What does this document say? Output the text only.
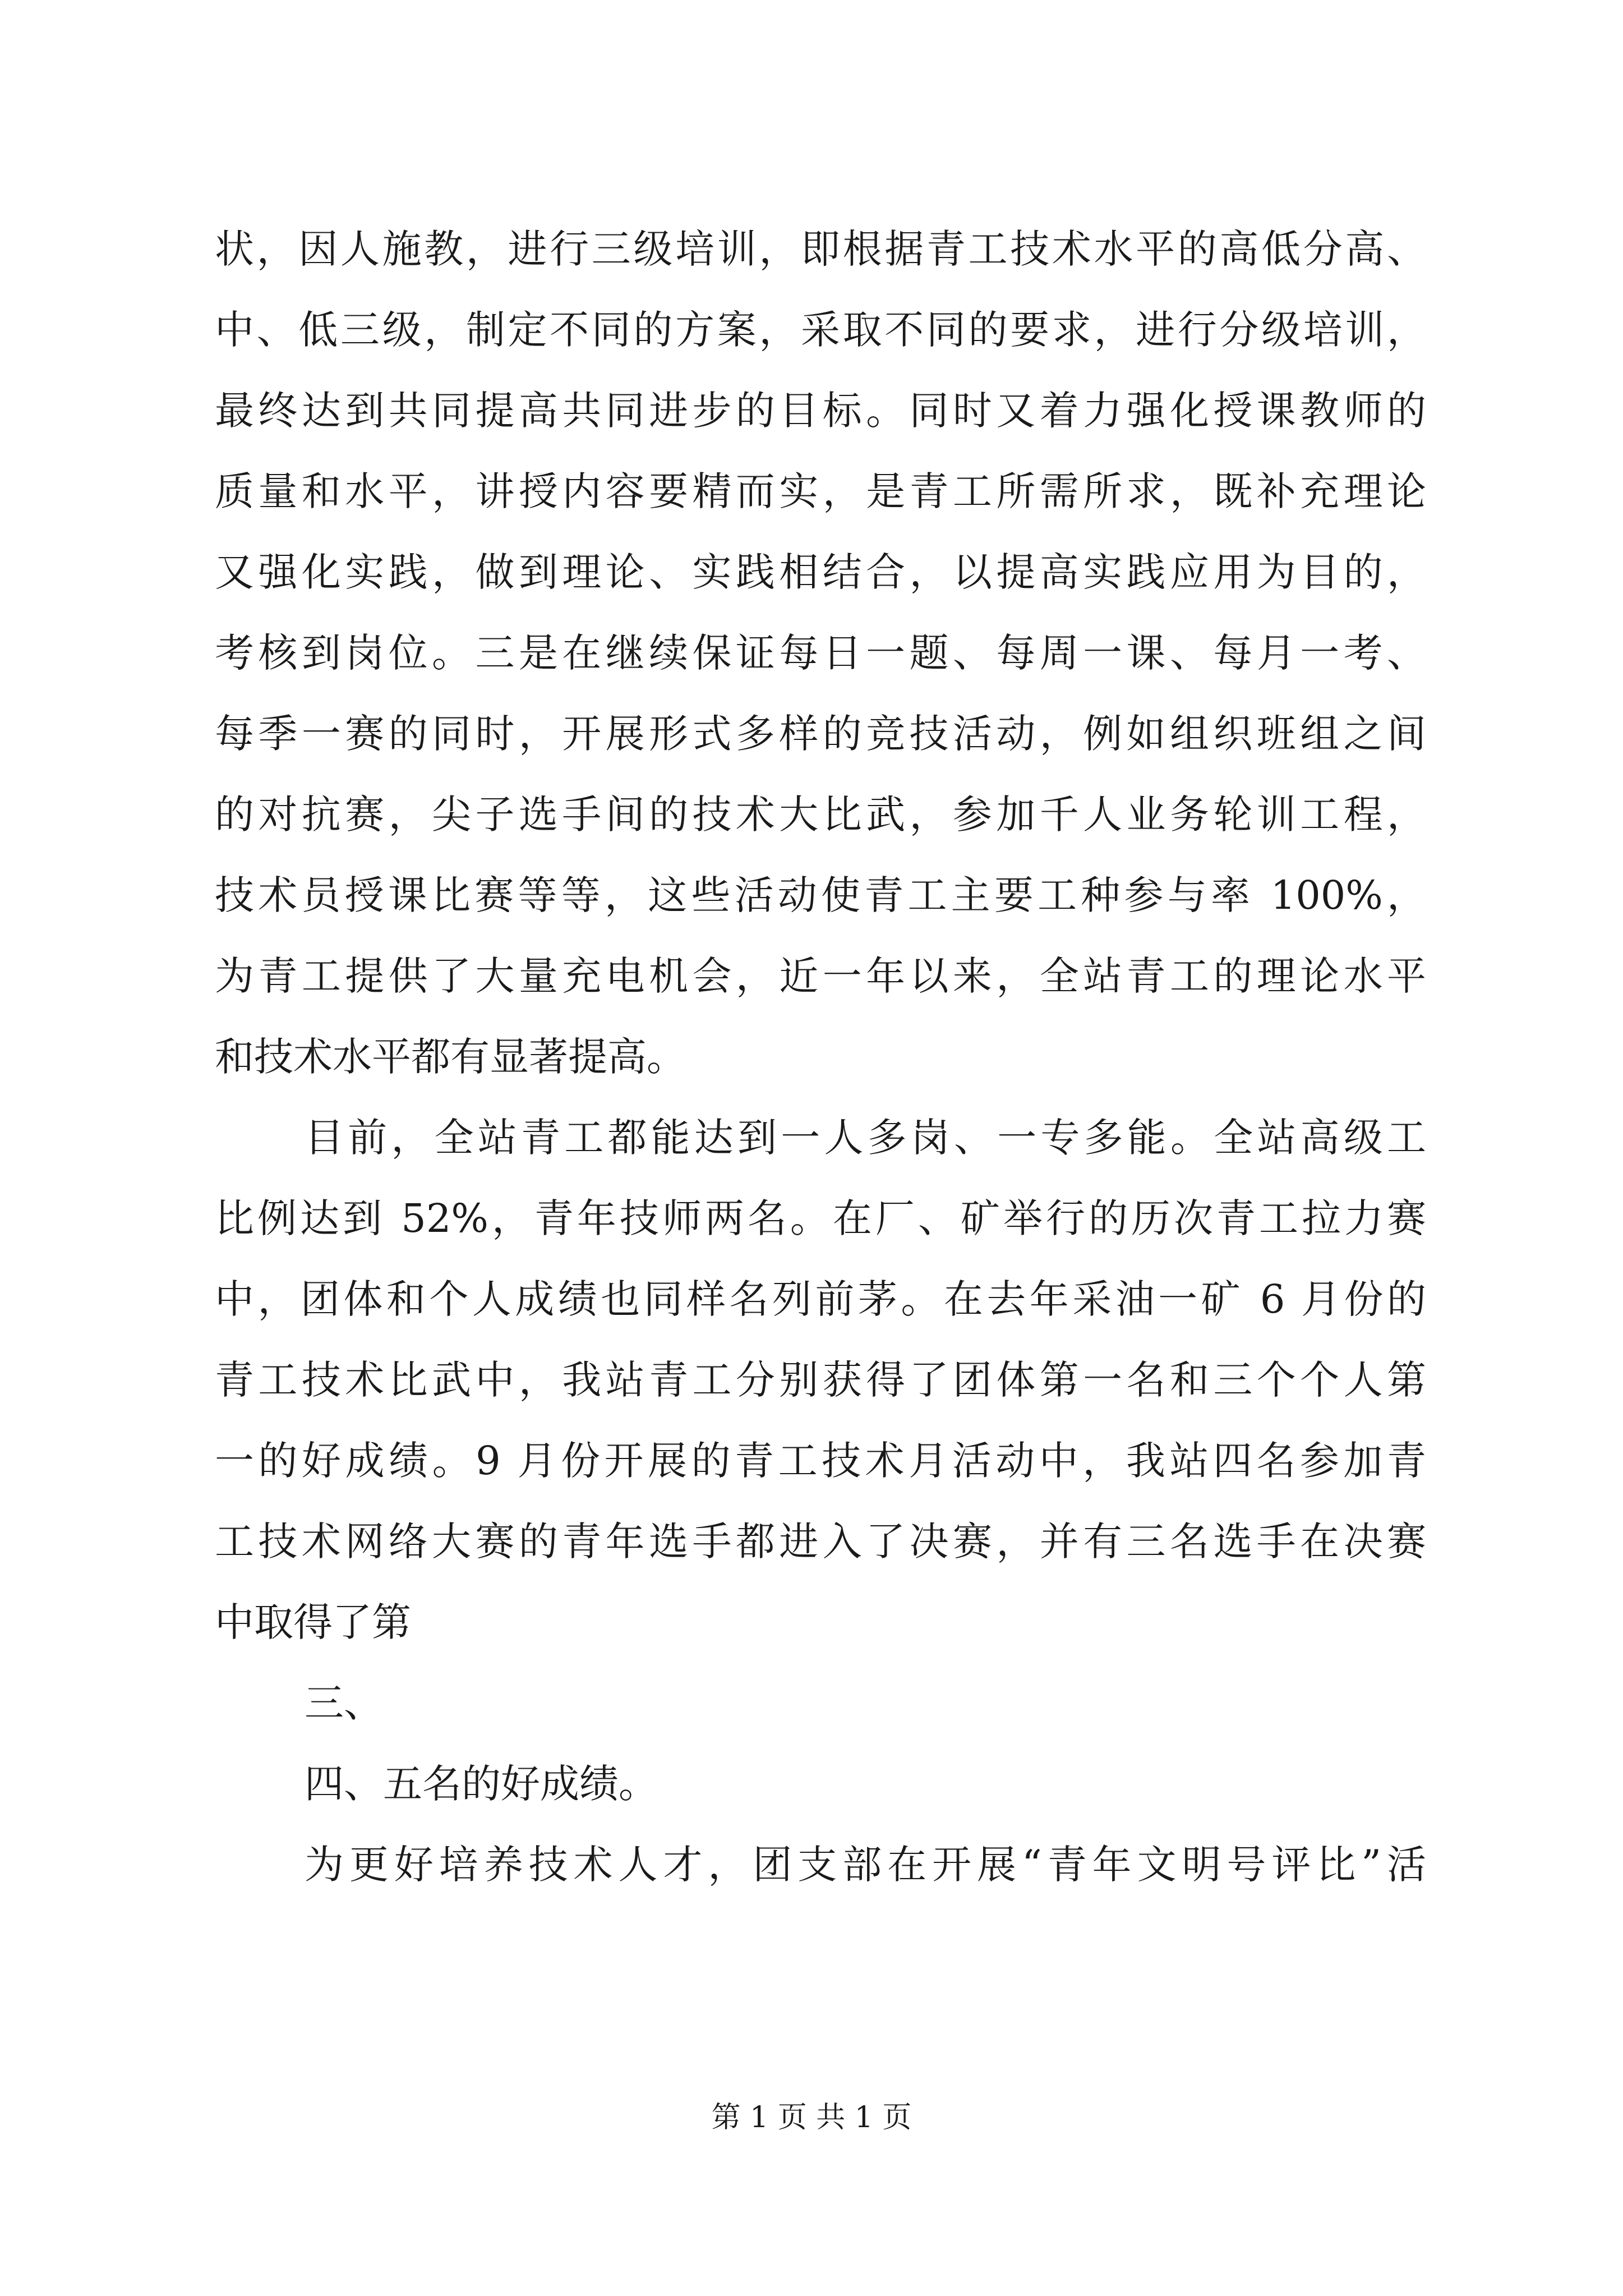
状，因人施教，进行三级培训，即根据青工技术水平的高低分高、
中、低三级，制定不同的方案，采取不同的要求，进行分级培训，
最终达到共同提高共同进步的目标。同时又着力强化授课教师的
质量和水平，讲授内容要精而实，是青工所需所求，既补充理论
又强化实践，做到理论、实践相结合，以提高实践应用为目的，
考核到岗位。三是在继续保证每日一题、每周一课、每月一考、
每季一赛的同时，开展形式多样的竞技活动，例如组织班组之间
的对抗赛，尖子选手间的技术大比武，参加千人业务轮训工程，
技术员授课比赛等等，这些活动使青工主要工种参与率 100%，
为青工提供了大量充电机会，近一年以来，全站青工的理论水平
和技术水平都有显著提高。
目前，全站青工都能达到一人多岗、一专多能。全站高级工
比例达到 52%，青年技师两名。在厂、矿举行的历次青工拉力赛
中，团体和个人成绩也同样名列前茅。在去年采油一矿 6 月份的
青工技术比武中，我站青工分别获得了团体第一名和三个个人第
一的好成绩。9 月份开展的青工技术月活动中，我站四名参加青
工技术网络大赛的青年选手都进入了决赛，并有三名选手在决赛
中取得了第
三、
四、五名的好成绩。
为更好培养技术人才，团支部在开展“青年文明号评比”活
第 1 页 共 1 页
